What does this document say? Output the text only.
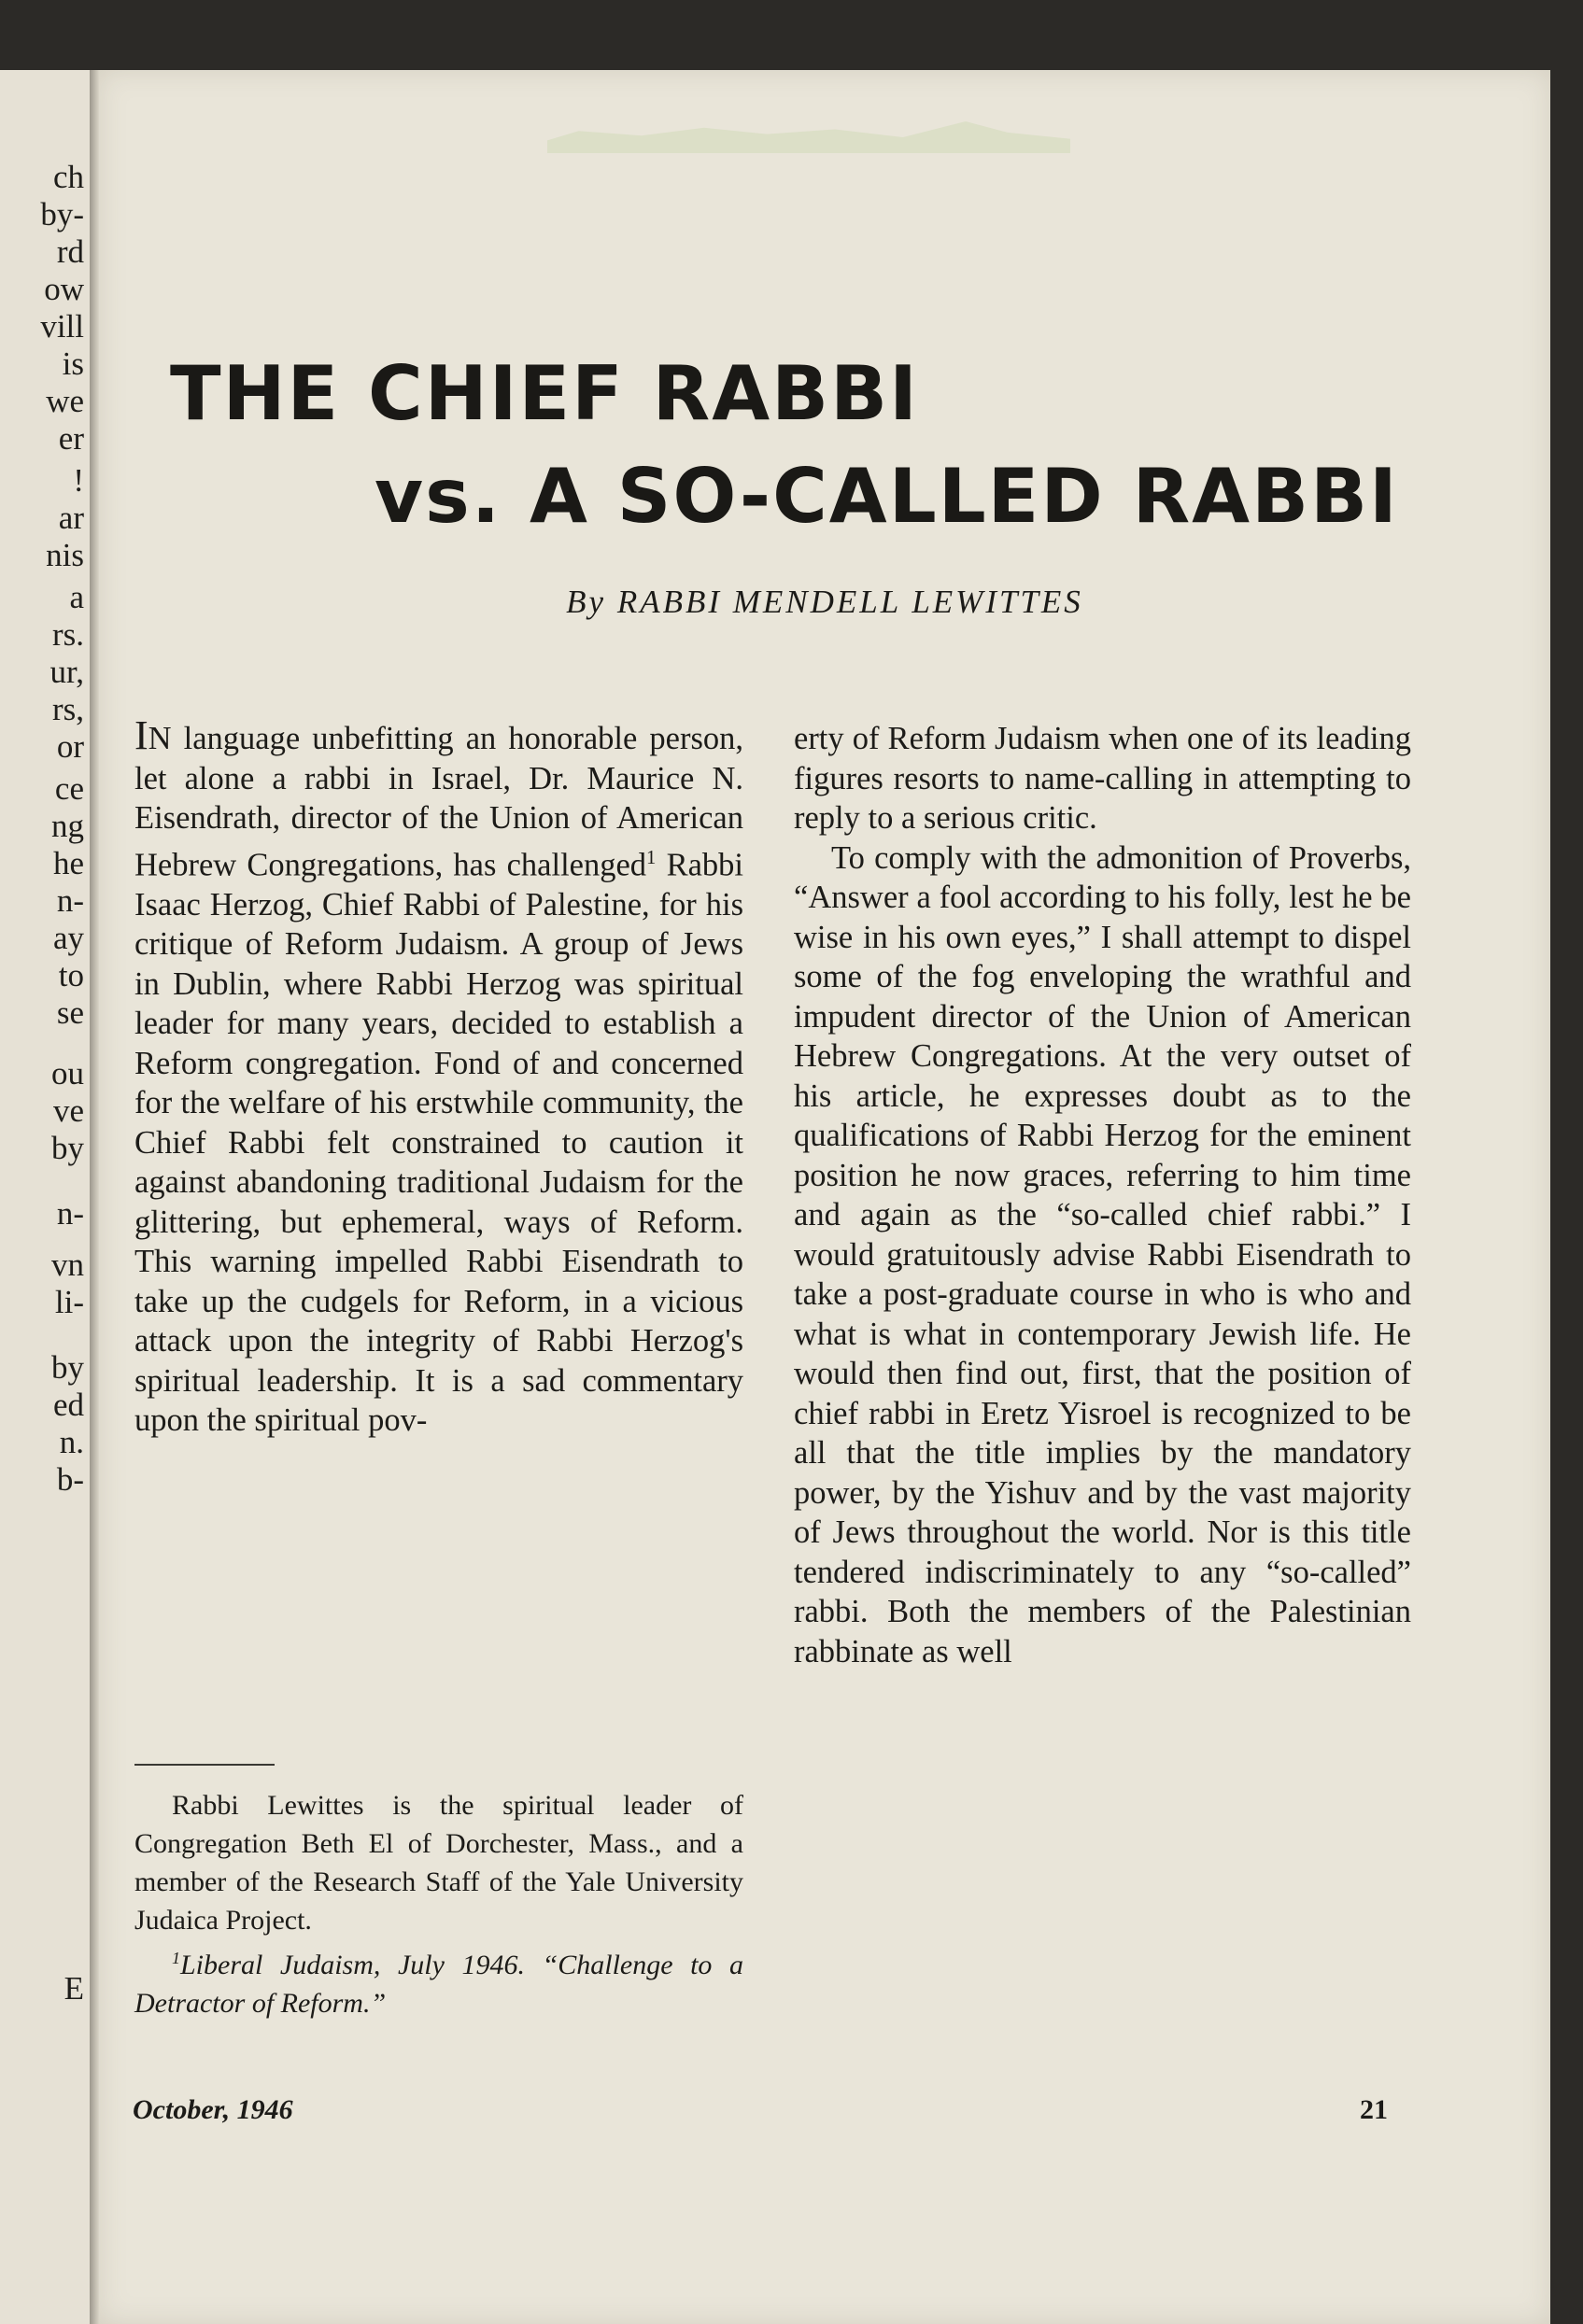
ch
by-
rd
ow
vill
is
we
er
!
ar
nis
a
rs.
ur,
rs,
or
ce
ng
he
n-
ay
to
se
ou
ve
by
n-
vn
li-
by
ed
n.
b-
E
THE CHIEF RABBI
vs. A SO-CALLED RABBI
By RABBI MENDELL LEWITTES

IN language unbefitting an honorable person, let alone a rabbi in Israel, Dr. Maurice N. Eisendrath, director of the Union of American Hebrew Congregations, has challenged$^1$ Rabbi Isaac Herzog, Chief Rabbi of Palestine, for his critique of Reform Judaism. A group of Jews in Dublin, where Rabbi Herzog was spiritual leader for many years, decided to establish a Reform congregation. Fond of and concerned for the welfare of his erstwhile community, the Chief Rabbi felt constrained to caution it against abandoning traditional Judaism for the glittering, but ephemeral, ways of Reform. This warning impelled Rabbi Eisendrath to take up the cudgels for Reform, in a vicious attack upon the integrity of Rabbi Herzog's spiritual leadership. It is a sad commentary upon the spiritual pov-

Rabbi Lewittes is the spiritual leader of Congregation Beth El of Dorchester, Mass., and a member of the Research Staff of the Yale University Judaica Project.

$^1$Liberal Judaism, July 1946. “Challenge to a Detractor of Reform.”

erty of Reform Judaism when one of its leading figures resorts to name-calling in attempting to reply to a serious critic.

To comply with the admonition of Proverbs, “Answer a fool according to his folly, lest he be wise in his own eyes,” I shall attempt to dispel some of the fog enveloping the wrathful and impudent director of the Union of American Hebrew Congregations. At the very outset of his article, he expresses doubt as to the qualifications of Rabbi Herzog for the eminent position he now graces, referring to him time and again as the “so-called chief rabbi.” I would gratuitously advise Rabbi Eisendrath to take a post-graduate course in who is who and what is what in contemporary Jewish life. He would then find out, first, that the position of chief rabbi in Eretz Yisroel is recognized to be all that the title implies by the mandatory power, by the Yishuv and by the vast majority of Jews throughout the world. Nor is this title tendered indiscriminately to any “so-called” rabbi. Both the members of the Palestinian rabbinate as well

October, 1946	21
